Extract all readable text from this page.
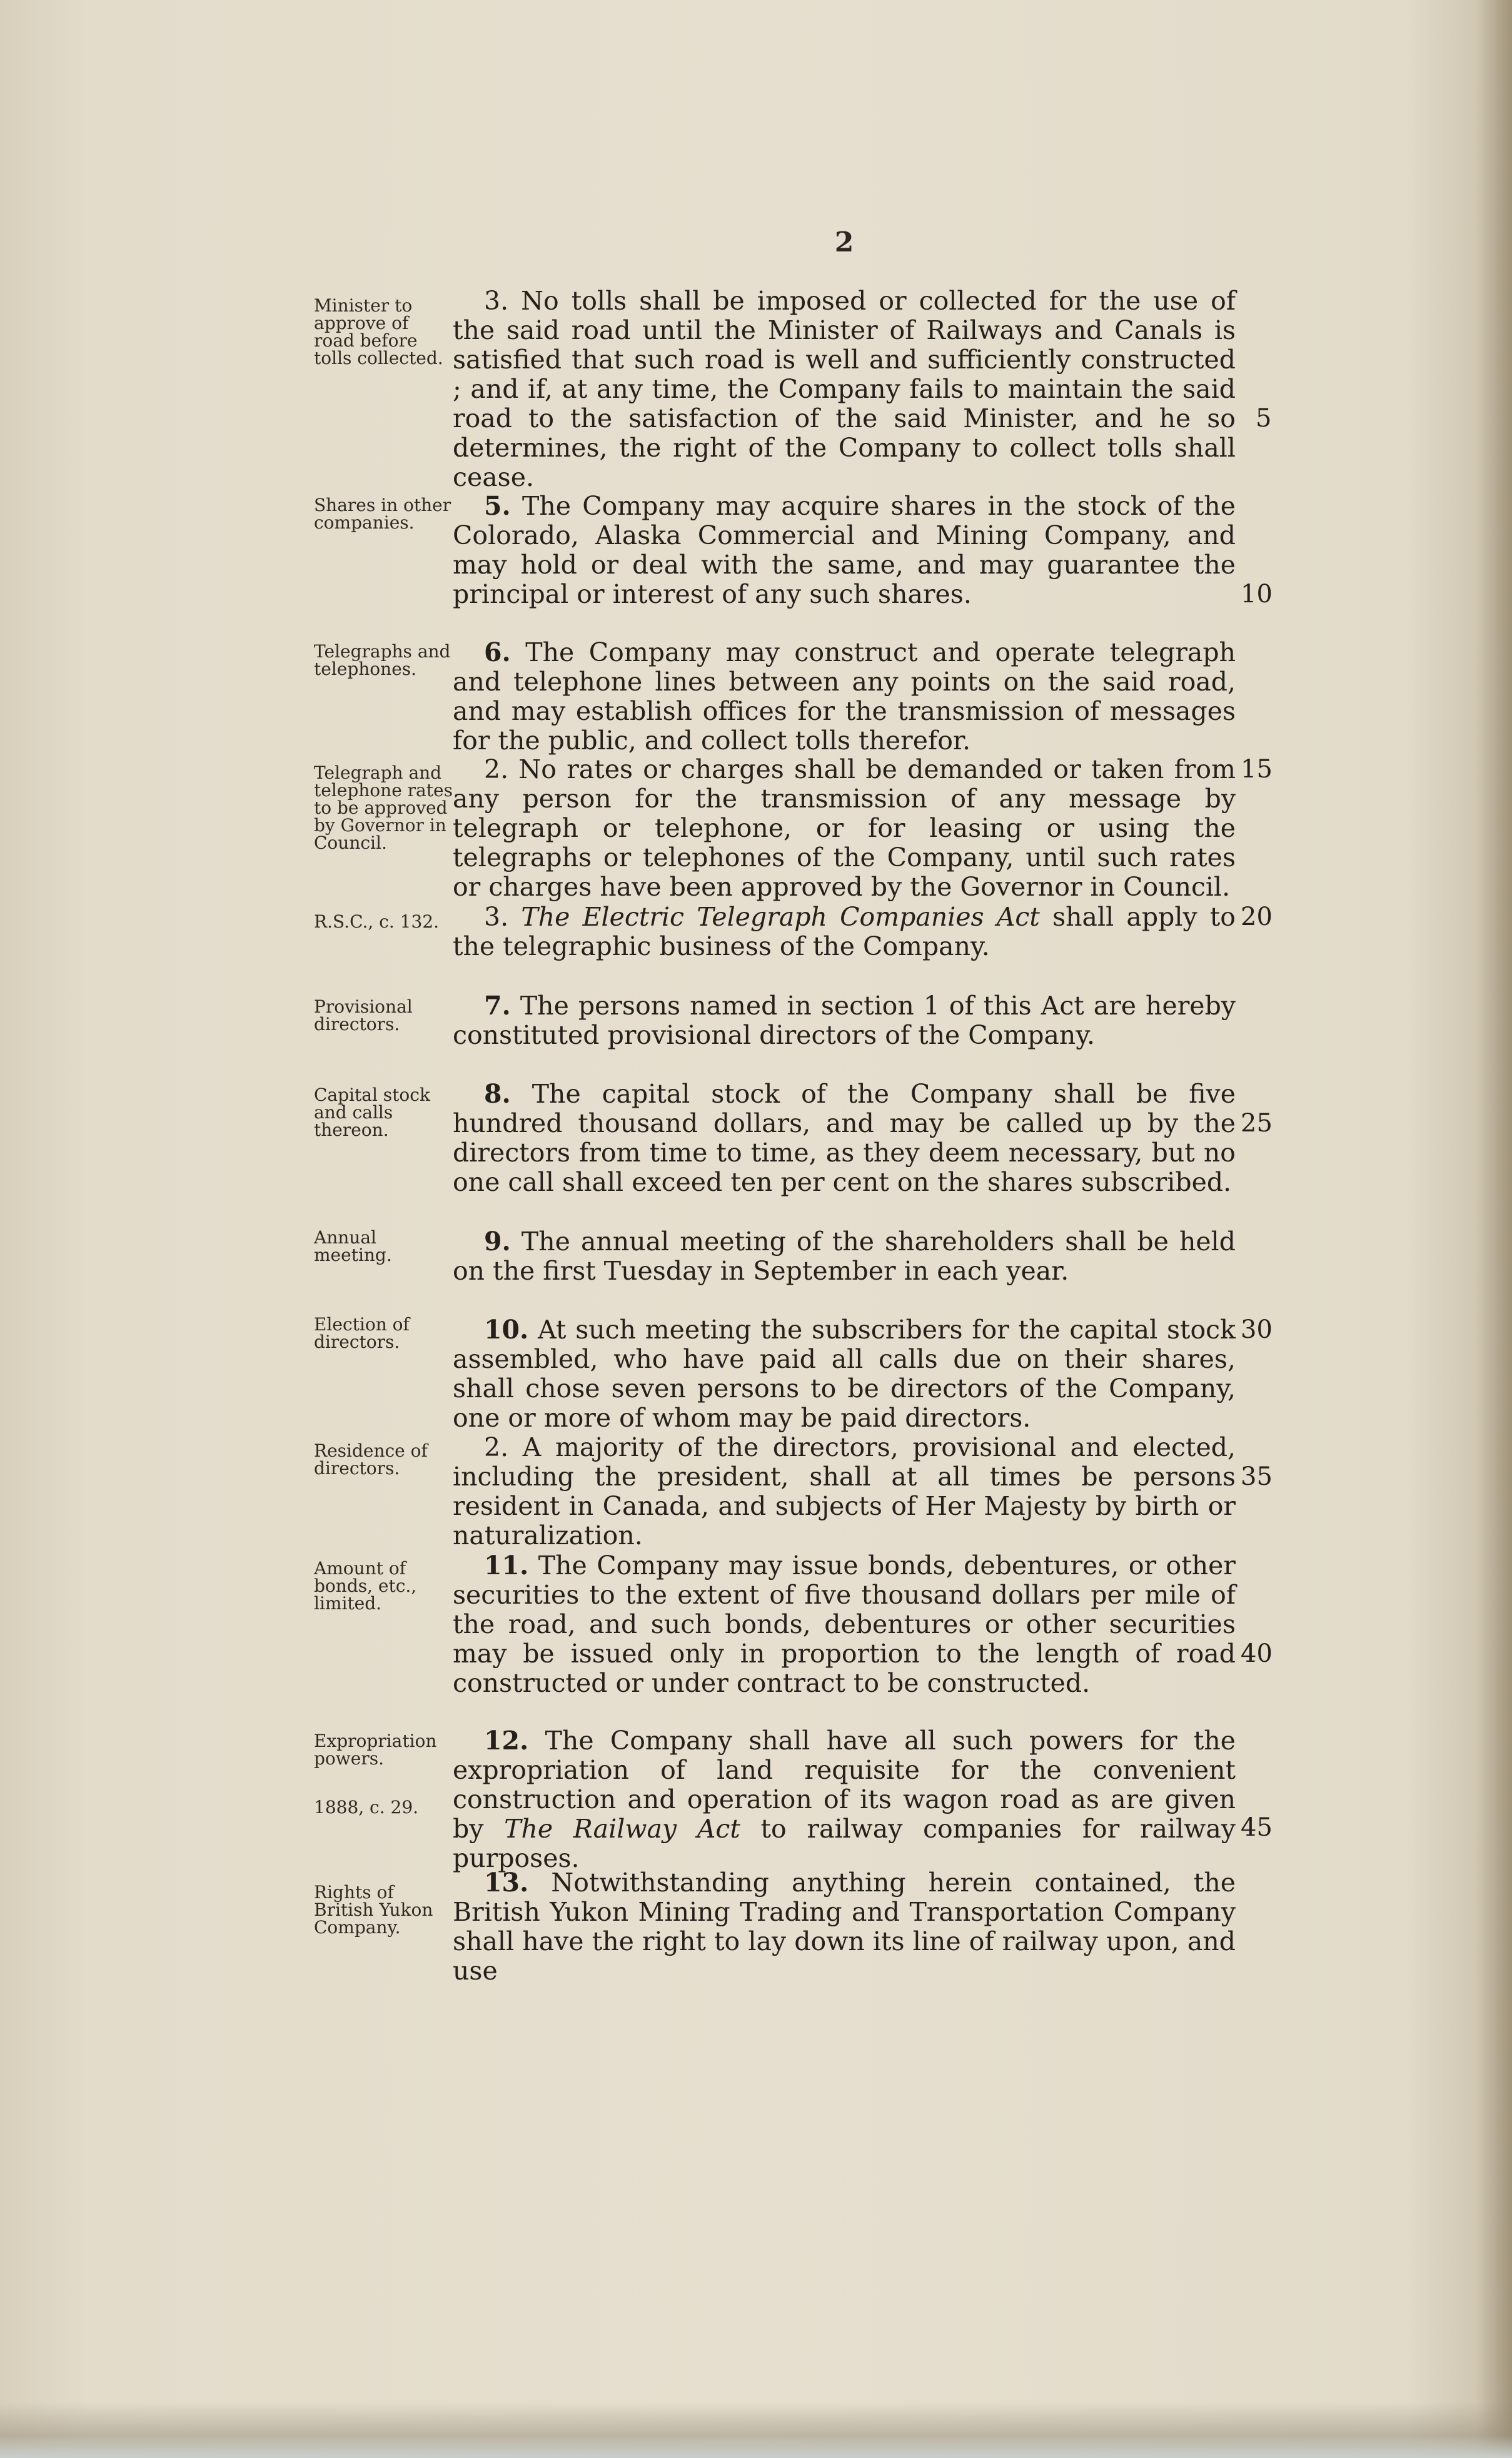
2
Minister to approve of road before tolls collected.

3. No tolls shall be imposed or collected for the use of the said road until the Minister of Railways and Canals is satisfied that such road is well and sufficiently constructed ; and if, at any time, the Company fails to maintain the said road to the satisfaction of the said Minister, and he so determines, the right of the Company to collect tolls shall cease.

Shares in other companies.

5. The Company may acquire shares in the stock of the Colorado, Alaska Commercial and Mining Company, and may hold or deal with the same, and may guarantee the principal or interest of any such shares.

Telegraphs and telephones.

6. The Company may construct and operate telegraph and telephone lines between any points on the said road, and may establish offices for the transmission of messages for the public, and collect tolls therefor.

Telegraph and telephone rates to be approved by Governor in Council.

2. No rates or charges shall be demanded or taken from any person for the transmission of any message by telegraph or telephone, or for leasing or using the telegraphs or telephones of the Company, until such rates or charges have been approved by the Governor in Council.

R.S.C., c. 132.	3. The Electric Telegraph Companies Act shall apply to the telegraphic business of the Company.

Provisional directors.

7. The persons named in section 1 of this Act are hereby constituted provisional directors of the Company.

Capital stock and calls thereon.

8. The capital stock of the Company shall be five hundred thousand dollars, and may be called up by the directors from time to time, as they deem necessary, but no one call shall exceed ten per cent on the shares subscribed.

Annual meeting.	9. The annual meeting of the shareholders shall be held on the first Tuesday in September in each year.

Election of directors.	10. At such meeting the subscribers for the capital stock assembled, who have paid all calls due on their shares, shall chose seven persons to be directors of the Company, one or more of whom may be paid directors.

Residence of directors.

2. A majority of the directors, provisional and elected, including the president, shall at all times be persons resident in Canada, and subjects of Her Majesty by birth or naturalization.

Amount of bonds, etc., limited.

11. The Company may issue bonds, debentures, or other securities to the extent of five thousand dollars per mile of the road, and such bonds, debentures or other securities may be issued only in proportion to the length of road constructed or under contract to be constructed.

Expropriation powers.
1888, c. 29.

12. The Company shall have all such powers for the expropriation of land requisite for the convenient construction and operation of its wagon road as are given by The Railway Act to railway companies for railway purposes.

Rights of British Yukon Company.

13. Notwithstanding anything herein contained, the British Yukon Mining Trading and Transportation Company shall have the right to lay down its line of railway upon, and use

5
10
15
20
25
30
35
40
45
